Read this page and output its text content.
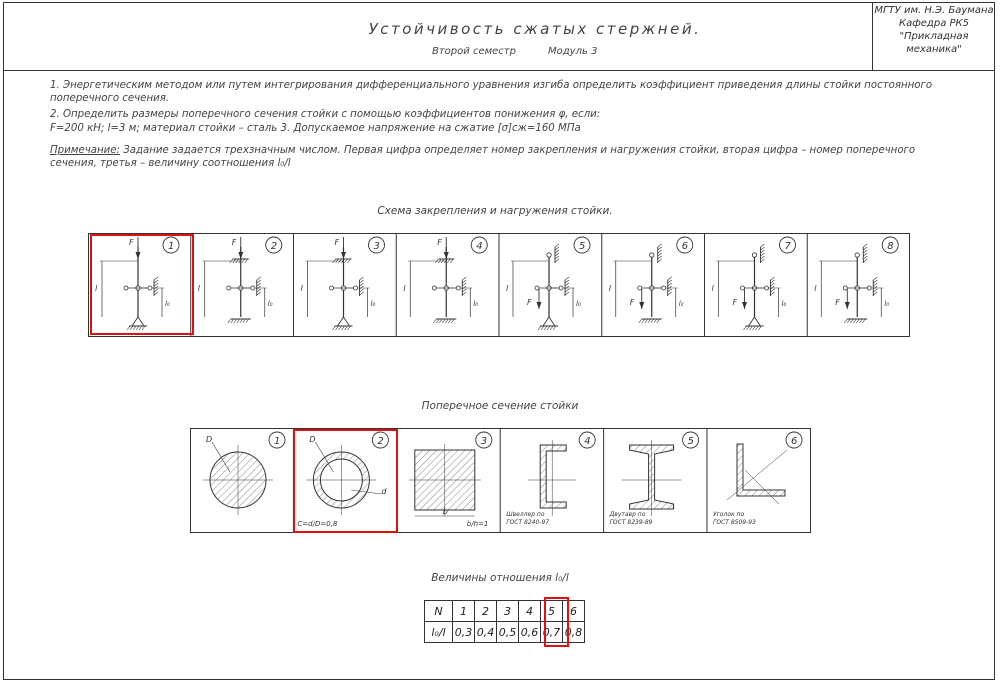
Устойчивость сжатых стержней.
Второй семестр	Модуль 3
МГТУ им. Н.Э. Баумана
Кафедра РК5
"Прикладная механика"
1. Энергетическим методом или путем интегрирования дифференциального уравнения изгиба определить коэффициент приведения длины стойки постоянного поперечного сечения.
2. Определить размеры поперечного сечения стойки с помощью коэффициентов понижения φ, если:
F=200 кН; l=3 м; материал стойки – сталь 3. Допускаемое напряжение на сжатие [σ]сж=160 МПа
Примечание: Задание задается трехзначным числом. Первая цифра определяет номер закрепления и нагружения стойки, вторая цифра – номер поперечного сечения, третья – величину соотношения l₀/l
Схема закрепления и нагружения стойки.
1
l
l₀
F	2
l
l₀
F	3
l
l₀
F	4
l
l₀
F	5
l
l₀
F
6
l
l₀
F
7
l
l₀
F
8
l
l₀
F
Поперечное сечение стойки
1
D	2
D
d
C=d/D=0,8
3
b
b/h=1
4
Швеллер по
ГОСТ 8240-97
5
Двутавр по
ГОСТ 8239-89
6
Уголок по
ГОСТ 8509-93
Величины отношения l₀/l
N	1	2	3	4	5	6
l₀/l	0,3	0,4	0,5	0,6	0,7	0,8
